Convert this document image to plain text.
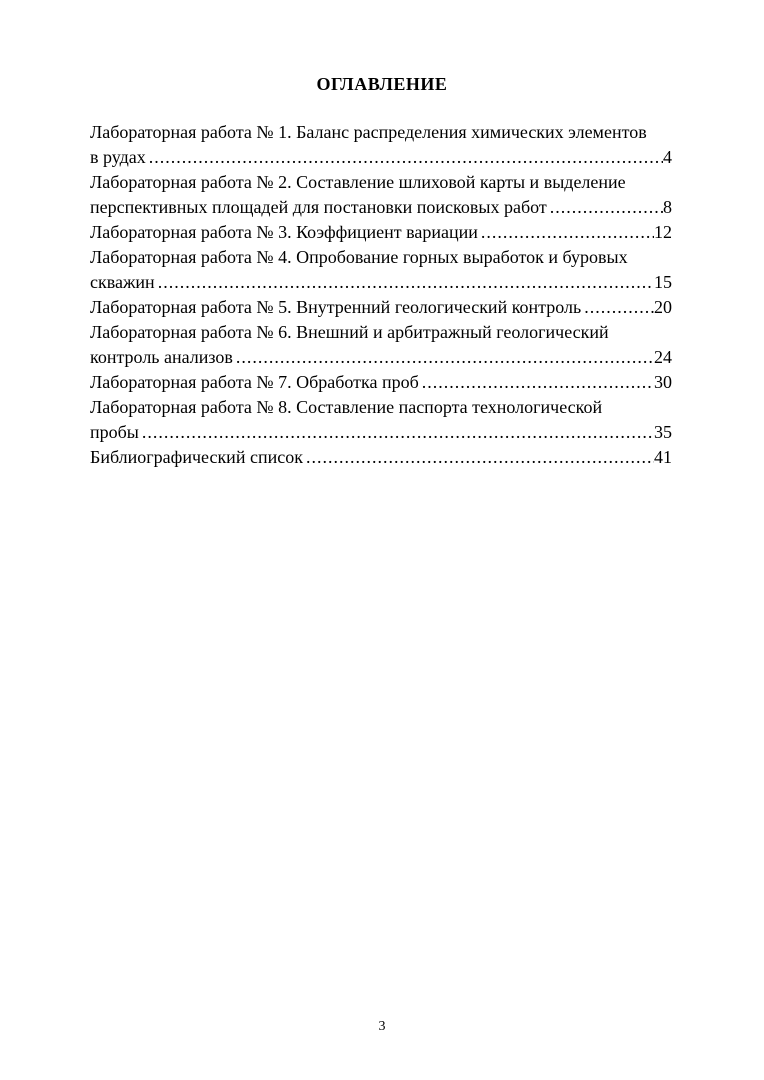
ОГЛАВЛЕНИЕ
Лабораторная работа № 1. Баланс распределения химических элементов
в рудах .....	4
Лабораторная работа № 2. Составление шлиховой карты и выделение
перспективных площадей для постановки поисковых работ .....	8
Лабораторная работа № 3. Коэффициент вариации .....	12
Лабораторная работа № 4. Опробование горных выработок и буровых
скважин .....	15
Лабораторная работа № 5. Внутренний геологический контроль .....	20
Лабораторная работа № 6. Внешний и арбитражный геологический
контроль анализов .....	24
Лабораторная работа № 7. Обработка проб .....	30
Лабораторная работа № 8. Составление паспорта технологической
пробы .....	35
Библиографический список .....	41
3
